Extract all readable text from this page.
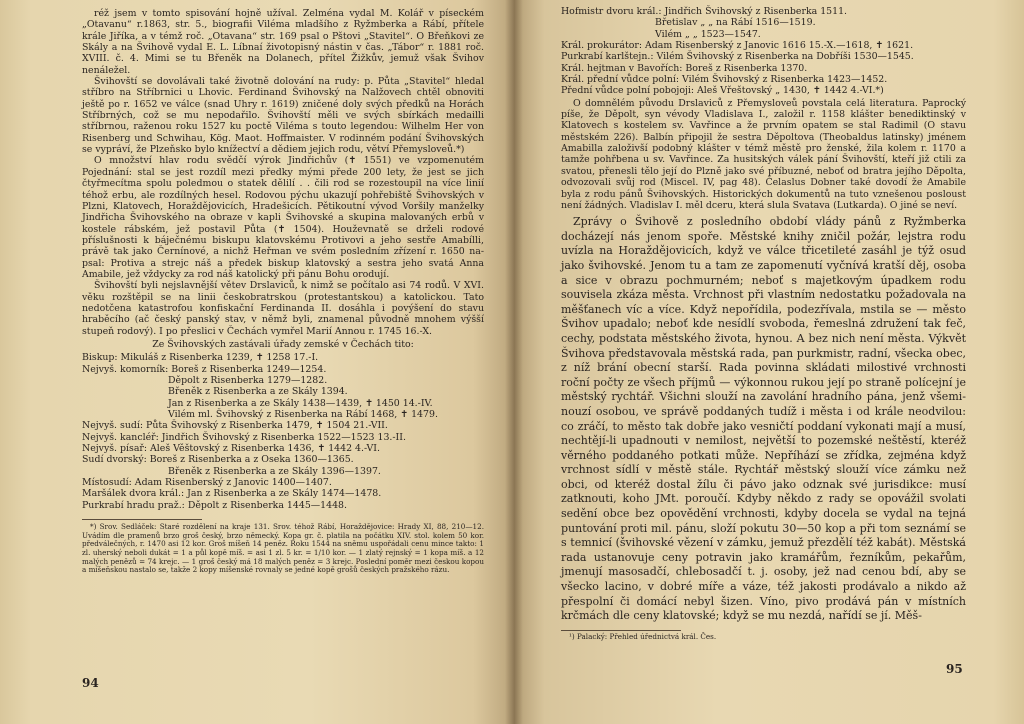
réž jsem v tomto spisování hojně užíval. Zelména vydal M. Kolář v píseckém „Otavanu“ r.1863, str. 5., biografii Viléma mladšího z Ryžmberka a Rábí, přítele krále Jiříka, a v témž roč. „Otavana“ str. 169 psal o Pštovi „Stavitel“. O Břeňkovi ze Skály a na Švihově vydal E. L. Líbnaí životopisný nástin v čas. „Tábor“ r. 1881 roč. XVIII. č. 4. Mimi se tu Břeněk na Dolanech, přítel Žižkův, jemuž však Švihov nenáležel.

Švihovští se dovolávali také životně dolování na rudy: p. Půta „Stavitel“ hledal stříbro na Stříbrnici u Lhovic. Ferdinand Švihovský na Nalžovech chtěl obnoviti ještě po r. 1652 ve válce (snad Uhry r. 1619) zničené doly svých předků na Horách Stříbrných, což se mu nepodařilo. Švihovští měli ve svých sbírkách medailli stříbrnou, raženou roku 1527 ku poctě Viléma s touto legendou: Wilhelm Her von Risenberg und Schwihau, Kög. Maot. Hoffmaister. V rodinném podání Švihovských se vypráví, že Plzeňsko bylo knížectví a dědiem jejich rodu, větví Přemysloveů.*)

O množství hlav rodu svědčí výrok Jindřichův (✝ 1551) ve vzpomenutém Pojednání: stal se jest rozdíl mezi předky mými přede 200 lety, že jest se jich čtyřmecítma spolu poledmou o statek dělilí . . čili rod se rozestoupil na více linií téhož erbu, ale rozdílných hesel. Rodovou pýchu ukazují pohřebiště Švihovských v Plzni, Klatovech, Horaždějovicích, Hradešicích. Pětikoutní vývod Voršily manželky Jindřicha Švihovského na obraze v kapli Švihovské a skupina malovaných erbů v kostele rábském, jež postavil Půta (✝ 1504). Houževnatě se drželi rodové příslušnosti k báječnému biskupu klatovskému Protivovi a jeho sestře Amabílli, právě tak jako Černínové, a nichž Heřman ve svém posledním zřízení r. 1650 napsal: Protiva a strejc náš a předek biskup klatovský a sestra jeho svatá Anna Amabile, jež vždycky za rod náš katolický při pánu Bohu orodují.

Švihovští byli nejslavnější větev Drslaviců, k nimž se počítalo asi 74 rodů. V XVI. věku rozštěpil se na linii českobratrskou (protestantskou) a katolickou. Tato nedotčena katastrofou konfiskační Ferdinanda II. dosáhla i povýšení do stavu hraběcího (ač český panský stav, v němž byli, znamenal původně mnohem výšší stupeň rodový). I po přeslici v Čechách vymřel Marií Annou r. 1745 16.-X.

Ze Švihovských zastávali úřady zemské v Čechách tito:

Biskup: Mikuláš z Risenberka 1239, ✝ 1258 17.-I.

Nejvyš. komorník: Boreš z Risenberka 1249—1254.

Děpolt z Risenberka 1279—1282.

Břeněk z Risenberka a ze Skály 1394.

Jan z Risenberka a ze Skály 1438—1439, ✝ 1450 14.-IV.

Vilém ml. Švihovský z Risenberka na Rábí 1468, ✝ 1479.

Nejvyš. sudí: Půta Švihovský z Risenberka 1479, ✝ 1504 21.-VII.

Nejvyš. kancléř: Jindřich Švihovský z Risenberka 1522—1523 13.-II.

Nejvyš. písař: Aleš Věštovský z Risenberka 1436, ✝ 1442 4.-VI.

Sudí dvorský: Boreš z Risenberka a z Oseka 1360—1365.

Břeněk z Risenberka a ze Skály 1396—1397.

Místosudí: Adam Risenberský z Janovic 1400—1407.

Maršálek dvora král.: Jan z Risenberka a ze Skály 1474—1478.

Purkrabí hradu praž.: Děpolt z Risenberka 1445—1448.

*) Srov. Sedláček: Staré rozdělení na kraje 131. Srov. téhož Rábí, Horaždějovice: Hrady XI, 88, 210—12. Uvádím dle pramenů brzo groš český, brzo německý. Kopa gr. č. platila na počátku XIV. stol. kolem 50 kor. předválečných, r. 1470 asi 12 kor. Groš míšeň 14 peněz. Roku 1544 na sněmu uspořádali cenu mince takto: 1 zl. uherský neboli dukát = 1 a půl kopě míš. = asi 1 zl. 5 kr. = 1/10 kor. — 1 zlatý rejnský = 1 kopa míš. a 12 malých penězů = 74 krejc. — 1 groš český má 18 malých peněz = 3 krejc. Poslední poměr mezi českou kopou a míšeňskou nastalo se, takže 2 kopy míšenské rovnaly se jedné kopě grošů českých pražského rázu.

94

Hofmistr dvoru král.: Jindřich Švihovský z Risenberka 1511.

Břetislav „ „ na Rábí 1516—1519.

Vilém „ „ 1523—1547.

Král. prokurátor: Adam Risenberský z Janovic 1616 15.-X.—1618, ✝ 1621.

Purkrabí karlštejn.: Vilém Švihovský z Risenberka na Dobříši 1530—1545.

Král. hejtman v Bavořích: Boreš z Risenberka 1370.

Král. přední vůdce polní: Vilém Švihovský z Risenberka 1423—1452.

Přední vůdce polní pobojoji: Aleš Vřeštovský „ 1430, ✝ 1442 4.-VI.*)

O domnělém původu Drslaviců z Přemysloveů povstala celá literatura. Paprocký píše, že Děpolt, syn vévody Vladislava I., založil r. 1158 klášter benediktinský v Klatovech s kostelem sv. Vavřince a že prvním opatem se stal Radimil (O stavu městském 226). Balbín připojil že sestra Děpoltova (Theobaldus latinsky) jménem Amabilla založivší podobný klášter v témž městě pro ženské, žila kolem r. 1170 a tamže pohřbena u sv. Vavřince. Za husitských válek pání Švihovští, kteří již ctili za svatou, přenesli tělo její do Plzně jako své příbuzné, neboť od bratra jejího Děpolta, odvozovali svůj rod (Miscel. IV, pag 48). Čelaslus Dobner také dovodí že Amabile byla z rodu pánů Švihovských. Historických dokumentů na tuto vznešenou posloust není žádných. Vladislav I. měl dceru, která slula Svatava (Lutkarda). O jiné se neví.

Zprávy o Švihově z posledního období vlády pánů z Ryžmberka docházejí nás jenom spoře. Městské knihy zničil požár, lejstra rodu uvízla na Horaždějovicích, když ve válce třicetileté zasáhl je týž osud jako švihovské. Jenom tu a tam ze zapomenutí vyčnívá kratší děj, osoba a sice v obrazu pochmurném; neboť s majetkovým úpadkem rodu souvisela zkáza města. Vrchnost při vlastním nedostatku požadovala na měšťanech víc a více. Když nepořídila, podezřívala, mstila se — město Švihov upadalo; neboť kde nesídlí svoboda, řemeslná združení tak feč, cechy, podstata městského života, hynou. A bez nich není města. Výkvět Švihova představovala městská rada, pan purkmistr, radní, všecka obec, z níž brání obecní starší. Rada povinna skládati milostivé vrchnosti roční počty ze všech příjmů — výkonnou rukou její po straně polícejní je městský rychtář. Všichni slouží na zavolání hradního pána, jenž všeminouzí osobou, ve správě poddaných tudíž i města i od krále neodvilou: co zráčí, to město tak dobře jako vesničtí poddaní vykonati mají a musí, nechtějí-li upadnouti v nemilost, největší to pozemské neštěstí, kteréž věrného poddaného potkati může. Nepříhází se zřídka, zejména když vrchnost sídlí v městě stále. Rychtář městský slouží více zámku než obci, od kteréž dostal žílu či pávo jako odznak své jurisdikce: musí zatknouti, koho JMt. poroučí. Kdyby někdo z rady se opovážil svolati sedění obce bez opovědění vrchnosti, kdyby docela se vydal na tejná puntování proti mil. pánu, složí pokutu 30—50 kop a při tom seznámí se s temnicí (švihovské vězení v zámku, jemuž přezdělí též kabát). Městská rada ustanovuje ceny potravin jako kramářům, řezníkům, pekařům, jmenují masosadčí, chlebosadčí t. j. osoby, jež nad cenou bdí, aby se všecko lacino, v dobré míře a váze, též jakosti prodávalo a nikdo až přespolní či domácí nebyl šizen. Víno, pivo prodává pán v místních krčmách dle ceny klatovské; když se mu nezdá, nařídí se jí. Měš-

¹) Palacký: Přehled úřednictvá král. Čes.

95
